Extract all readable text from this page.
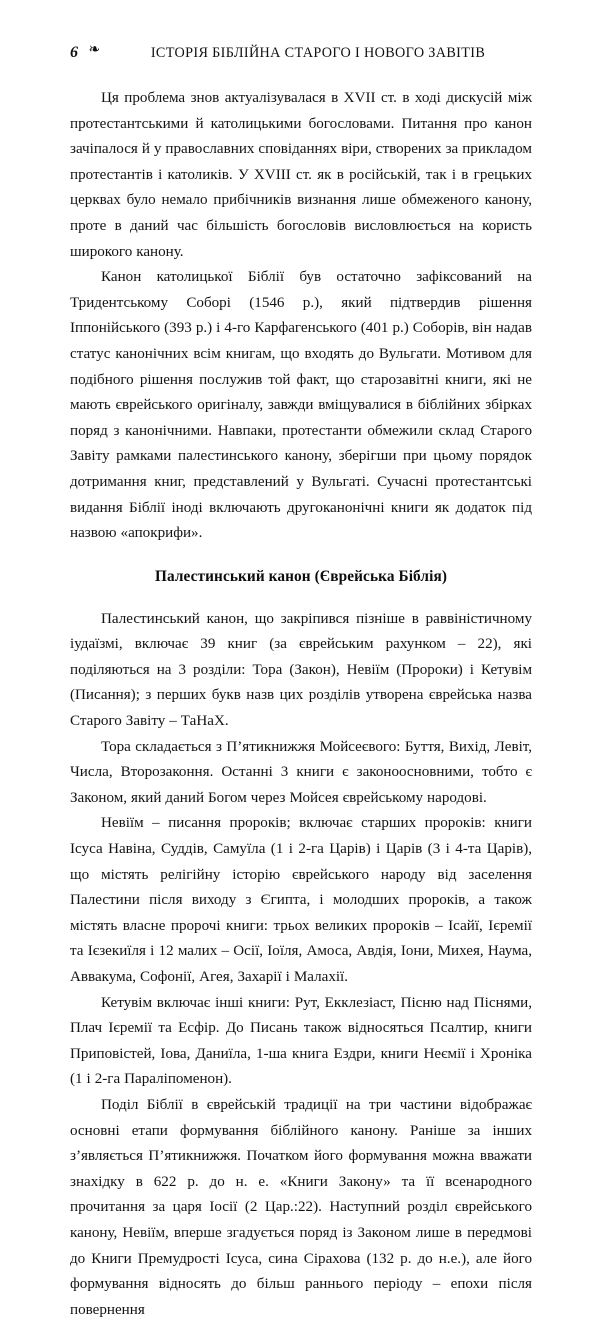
6 ❧	ІСТОРІЯ БІБЛІЙНА СТАРОГО І НОВОГО ЗАВІТІВ

Ця проблема знов актуалізувалася в XVII ст. в ході дискусій між протестантськими й католицькими богословами. Питання про канон зачіпалося й у православних сповіданнях віри, створених за прикладом протестантів і католиків. У XVIII ст. як в російській, так і в грецьких церквах було немало прибічників визнання лише обмеженого канону, проте в даний час більшість богословів висловлюється на користь широкого канону.

Канон католицької Біблії був остаточно зафіксований на Тридентському Соборі (1546 р.), який підтвердив рішення Іппонійського (393 р.) і 4-го Карфагенського (401 р.) Соборів, він надав статус канонічних всім книгам, що входять до Вульгати. Мотивом для подібного рішення послужив той факт, що старозавітні книги, які не мають єврейського оригіналу, завжди вміщувалися в біблійних збірках поряд з канонічними. Навпаки, протестанти обмежили склад Старого Завіту рамками палестинського канону, зберігши при цьому порядок дотримання книг, представлений у Вульгаті. Сучасні протестантські видання Біблії іноді включають другоканонічні книги як додаток під назвою «апокрифи».

Палестинський канон (Єврейська Біблія)

Палестинський канон, що закріпився пізніше в раввіністичному іудаїзмі, включає 39 книг (за єврейським рахунком – 22), які поділяються на 3 розділи: Тора (Закон), Невіїм (Пророки) і Кетувім (Писання); з перших букв назв цих розділів утворена єврейська назва Старого Завіту – ТаНаХ.

Тора складається з П’ятикнижжя Мойсеєвого: Буття, Вихід, Левіт, Числа, Второзаконня. Останні 3 книги є законоосновними, тобто є Законом, який даний Богом через Мойсея єврейському народові.

Невіїм – писання пророків; включає старших пророків: книги Ісуса Навіна, Суддів, Самуїла (1 і 2-га Царів) і Царів (3 і 4-та Царів), що містять релігійну історію єврейського народу від заселення Палестини після виходу з Єгипта, і молодших пророків, а також містять власне пророчі книги: трьох великих пророків – Ісайї, Ієремії та Ієзекиїля і 12 малих – Осії, Іоїля, Амоса, Авдія, Іони, Михея, Наума, Аввакума, Софонії, Агея, Захарії і Малахії.

Кетувім включає інші книги: Рут, Екклезіаст, Пісню над Піснями, Плач Ієремії та Есфір. До Писань також відносяться Псалтир, книги Приповістей, Іова, Даниїла, 1-ша книга Ездри, книги Неємії і Хроніка (1 і 2-га Параліпоменон).

Поділ Біблії в єврейській традиції на три частини відображає основні етапи формування біблійного канону. Раніше за інших з’являється П’ятикнижжя. Початком його формування можна вважати знахідку в 622 р. до н. е. «Книги Закону» та її всенародного прочитання за царя Іосії (2 Цар.:22). Наступний розділ єврейського канону, Невіїм, вперше згадується поряд із Законом лише в передмові до Книги Премудрості Ісуса, сина Сірахова (132 р. до н.е.), але його формування відносять до більш раннього періоду – епохи після повернення
